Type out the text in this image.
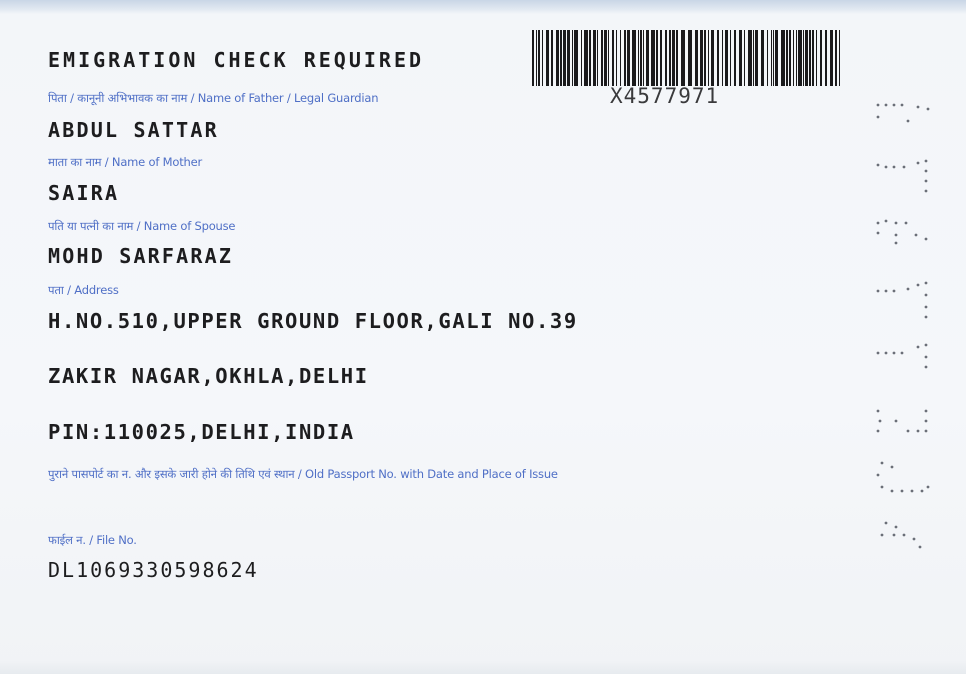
EMIGRATION CHECK REQUIRED

X4577971

पिता / कानूनी अभिभावक का नाम / Name of Father / Legal Guardian

ABDUL SATTAR

माता का नाम / Name of Mother

SAIRA

पति या पत्नी का नाम / Name of Spouse

MOHD SARFARAZ

पता / Address

H.NO.510,UPPER GROUND FLOOR,GALI NO.39

ZAKIR NAGAR,OKHLA,DELHI

PIN:110025,DELHI,INDIA

पुराने पासपोर्ट का न. और इसके जारी होने की तिथि एवं स्थान / Old Passport No. with Date and Place of Issue

फाईल न. / File No.

DL1069330598624
